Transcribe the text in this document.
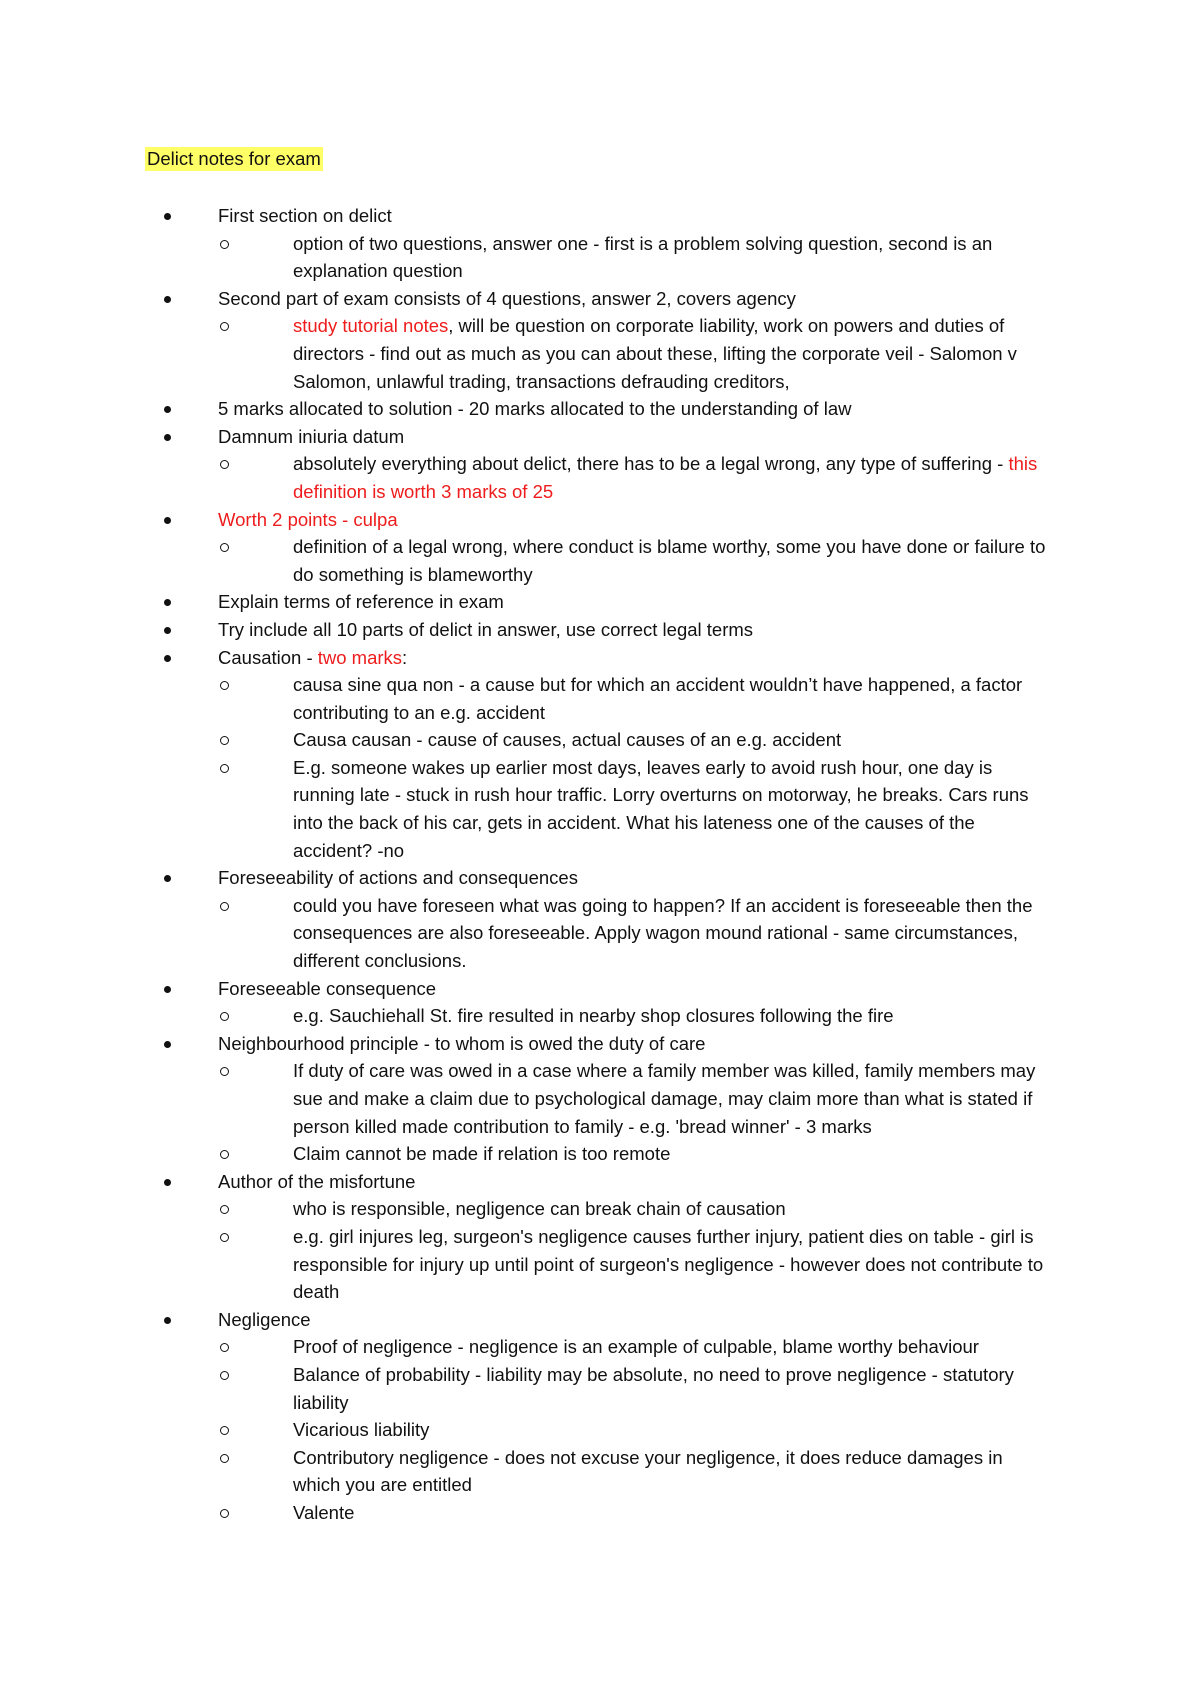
Delict notes for exam
First section on delict
option of two questions, answer one - first is a problem solving question, second is an explanation question
Second part of exam consists of 4 questions, answer 2, covers agency
study tutorial notes, will be question on corporate liability, work on powers and duties of directors - find out as much as you can about these, lifting the corporate veil - Salomon v Salomon, unlawful trading, transactions defrauding creditors,
5 marks allocated to solution - 20 marks allocated to the understanding of law
Damnum iniuria datum
absolutely everything about delict, there has to be a legal wrong, any type of suffering - this definition is worth 3 marks of 25
Worth 2 points - culpa
definition of a legal wrong, where conduct is blame worthy, some you have done or failure to do something is blameworthy
Explain terms of reference in exam
Try include all 10 parts of delict in answer, use correct legal terms
Causation - two marks:
causa sine qua non - a cause but for which an accident wouldn’t have happened, a factor contributing to an e.g. accident
Causa causan - cause of causes, actual causes of an e.g. accident
E.g. someone wakes up earlier most days, leaves early to avoid rush hour, one day is running late - stuck in rush hour traffic. Lorry overturns on motorway, he breaks. Cars runs into the back of his car, gets in accident. What his lateness one of the causes of the accident? -no
Foreseeability of actions and consequences
could you have foreseen what was going to happen? If an accident is foreseeable then the consequences are also foreseeable. Apply wagon mound rational - same circumstances, different conclusions.
Foreseeable consequence
e.g. Sauchiehall St. fire resulted in nearby shop closures following the fire
Neighbourhood principle - to whom is owed the duty of care
If duty of care was owed in a case where a family member was killed, family members may sue and make a claim due to psychological damage, may claim more than what is stated if person killed made contribution to family - e.g. 'bread winner' - 3 marks
Claim cannot be made if relation is too remote
Author of the misfortune
who is responsible, negligence can break chain of causation
e.g. girl injures leg, surgeon's negligence causes further injury, patient dies on table - girl is responsible for injury up until point of surgeon's negligence - however does not contribute to death
Negligence
Proof of negligence - negligence is an example of culpable, blame worthy behaviour
Balance of probability - liability may be absolute, no need to prove negligence - statutory liability
Vicarious liability
Contributory negligence - does not excuse your negligence, it does reduce damages in which you are entitled
Valente
